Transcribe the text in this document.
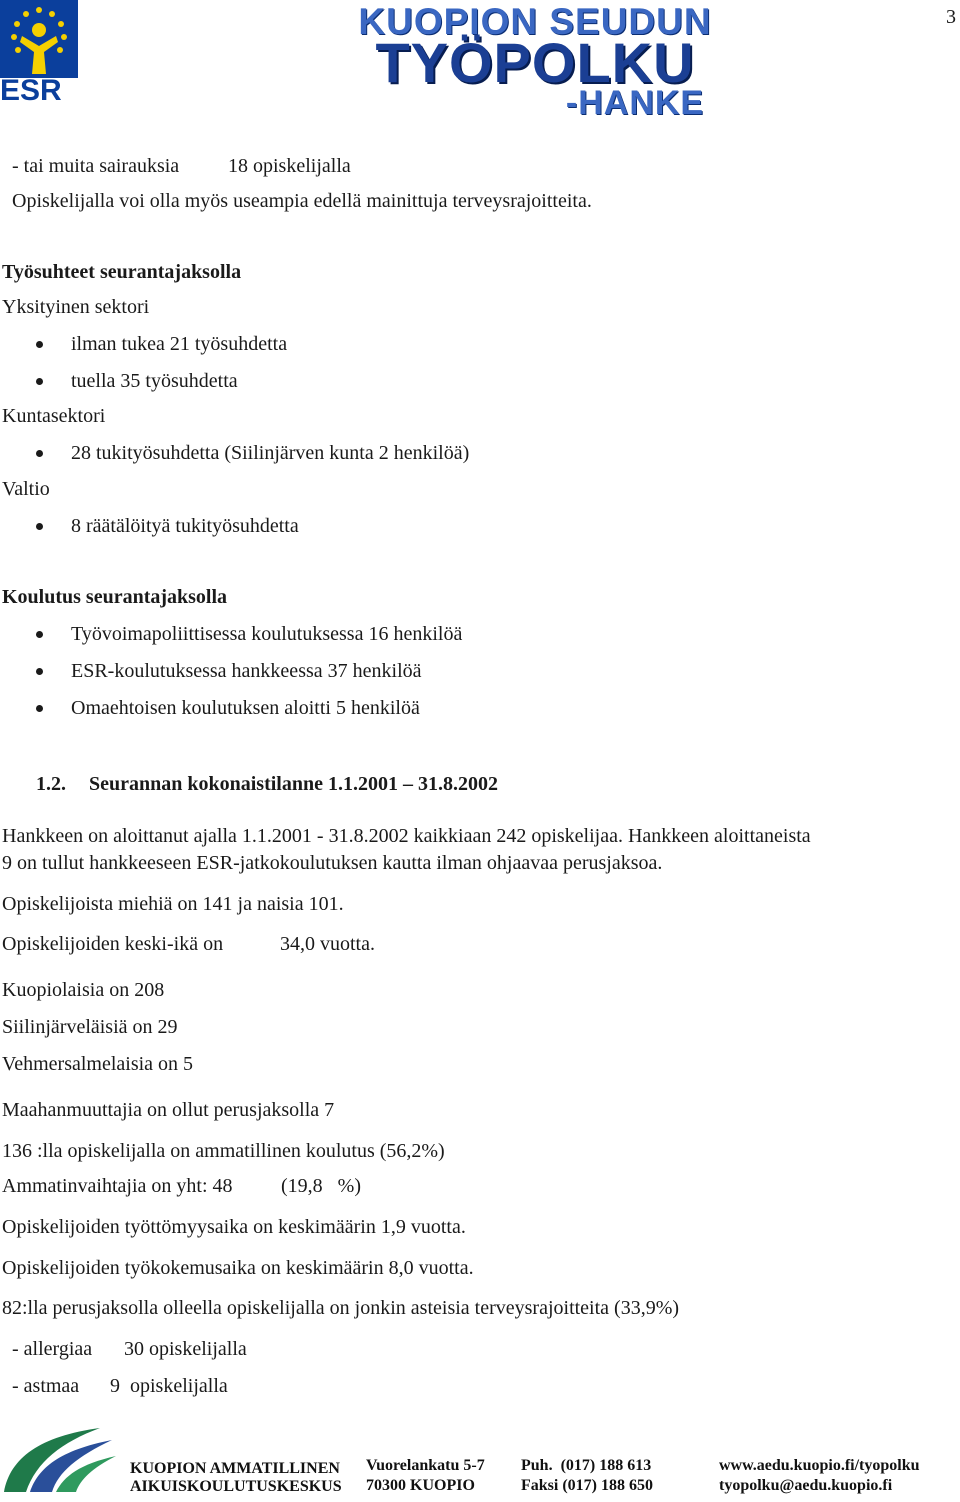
ESR
KUOPION SEUDUN
TYÖPOLKU
-HANKE
3
- tai muita sairauksia 18 opiskelijalla
Opiskelijalla voi olla myös useampia edellä mainittuja terveysrajoitteita.
Työsuhteet seurantajaksolla
Yksityinen sektori
ilman tukea 21 työsuhdetta
tuella 35 työsuhdetta
Kuntasektori
28 tukityösuhdetta (Siilinjärven kunta 2 henkilöä)
Valtio
8 räätälöityä tukityösuhdetta
Koulutus seurantajaksolla
Työvoimapoliittisessa koulutuksessa 16 henkilöä
ESR-koulutuksessa hankkeessa 37 henkilöä
Omaehtoisen koulutuksen aloitti 5 henkilöä
1.2. Seurannan kokonaistilanne 1.1.2001 – 31.8.2002
Hankkeen on aloittanut ajalla 1.1.2001 - 31.8.2002 kaikkiaan 242 opiskelijaa. Hankkeen aloittaneista
9 on tullut hankkeeseen ESR-jatkokoulutuksen kautta ilman ohjaavaa perusjaksoa.
Opiskelijoista miehiä on 141 ja naisia 101.
Opiskelijoiden keski-ikä on	34,0 vuotta.
Kuopiolaisia on 208
Siilinjärveläisiä on 29
Vehmersalmelaisia on 5
Maahanmuuttajia on ollut perusjaksolla 7
136 :lla opiskelijalla on ammatillinen koulutus (56,2%)
Ammatinvaihtajia on yht: 48 (19,8   %)
Opiskelijoiden työttömyysaika on keskimäärin 1,9 vuotta.
Opiskelijoiden työkokemusaika on keskimäärin 8,0 vuotta.
82:lla perusjaksolla olleella opiskelijalla on jonkin asteisia terveysrajoitteita (33,9%)
- allergiaa 30 opiskelijalla
- astmaa 9  opiskelijalla
KUOPION AMMATILLINEN
AIKUISKOULUTUSKESKUS
Vuorelankatu 5-7
70300 KUOPIO
Puh.  (017) 188 613
Faksi (017) 188 650
www.aedu.kuopio.fi/tyopolku
tyopolku@aedu.kuopio.fi
